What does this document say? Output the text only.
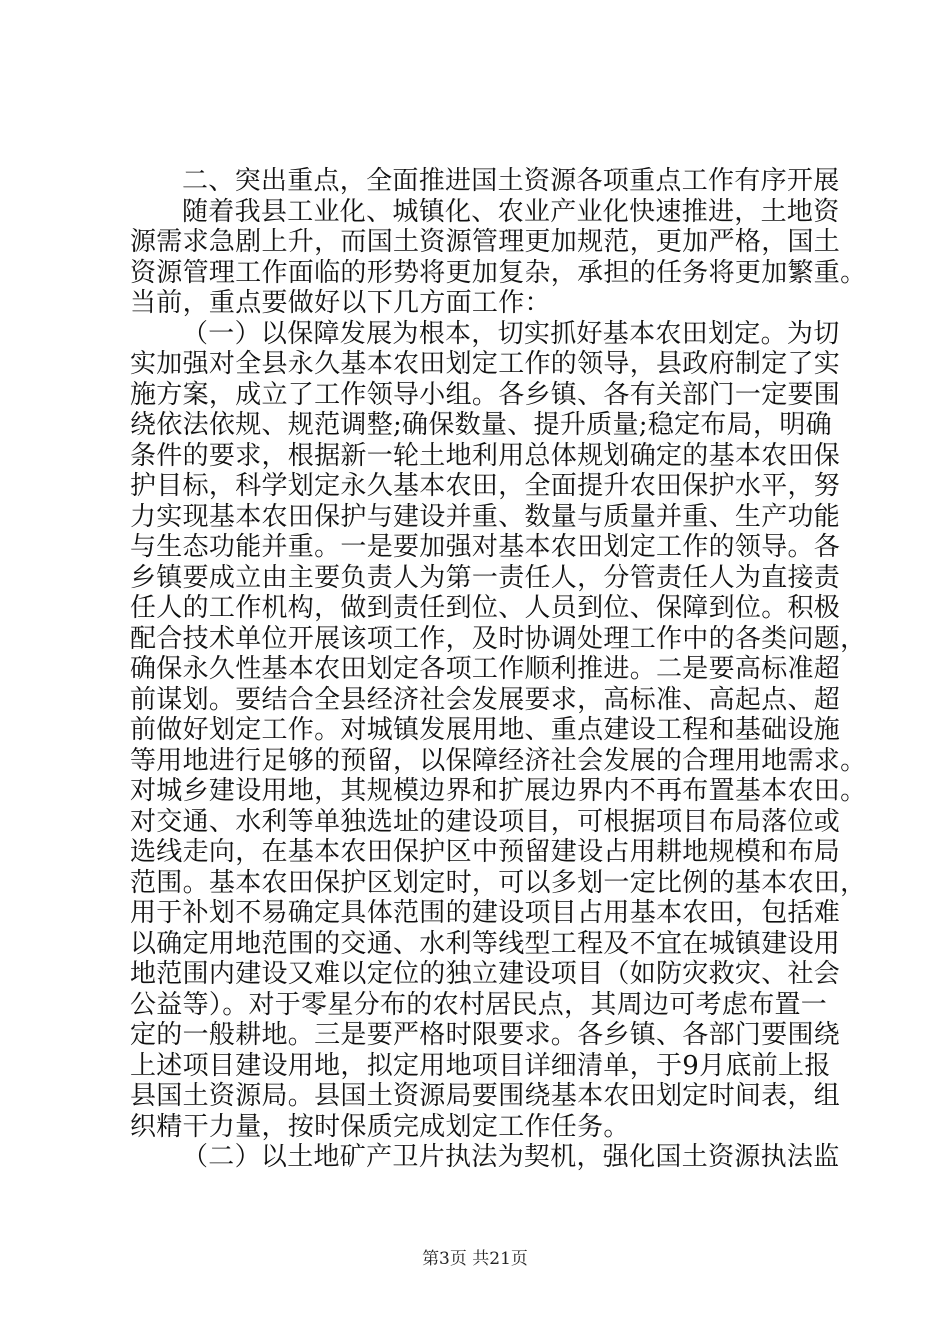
二、突出重点，全面推进国土资源各项重点工作有序开展
随着我县工业化、城镇化、农业产业化快速推进，土地资
源需求急剧上升，而国土资源管理更加规范，更加严格，国土
资源管理工作面临的形势将更加复杂，承担的任务将更加繁重。
当前，重点要做好以下几方面工作：
（一）以保障发展为根本，切实抓好基本农田划定。为切
实加强对全县永久基本农田划定工作的领导，县政府制定了实
施方案，成立了工作领导小组。各乡镇、各有关部门一定要围
绕依法依规、规范调整;确保数量、提升质量;稳定布局，明确
条件的要求，根据新一轮土地利用总体规划确定的基本农田保
护目标，科学划定永久基本农田，全面提升农田保护水平，努
力实现基本农田保护与建设并重、数量与质量并重、生产功能
与生态功能并重。一是要加强对基本农田划定工作的领导。各
乡镇要成立由主要负责人为第一责任人，分管责任人为直接责
任人的工作机构，做到责任到位、人员到位、保障到位。积极
配合技术单位开展该项工作，及时协调处理工作中的各类问题，
确保永久性基本农田划定各项工作顺利推进。二是要高标准超
前谋划。要结合全县经济社会发展要求，高标准、高起点、超
前做好划定工作。对城镇发展用地、重点建设工程和基础设施
等用地进行足够的预留，以保障经济社会发展的合理用地需求。
对城乡建设用地，其规模边界和扩展边界内不再布置基本农田。
对交通、水利等单独选址的建设项目，可根据项目布局落位或
选线走向，在基本农田保护区中预留建设占用耕地规模和布局
范围。基本农田保护区划定时，可以多划一定比例的基本农田，
用于补划不易确定具体范围的建设项目占用基本农田，包括难
以确定用地范围的交通、水利等线型工程及不宜在城镇建设用
地范围内建设又难以定位的独立建设项目（如防灾救灾、社会
公益等）。对于零星分布的农村居民点，其周边可考虑布置一
定的一般耕地。三是要严格时限要求。各乡镇、各部门要围绕
上述项目建设用地，拟定用地项目详细清单，于9月底前上报
县国土资源局。县国土资源局要围绕基本农田划定时间表，组
织精干力量，按时保质完成划定工作任务。
（二）以土地矿产卫片执法为契机，强化国土资源执法监
第3页 共21页
